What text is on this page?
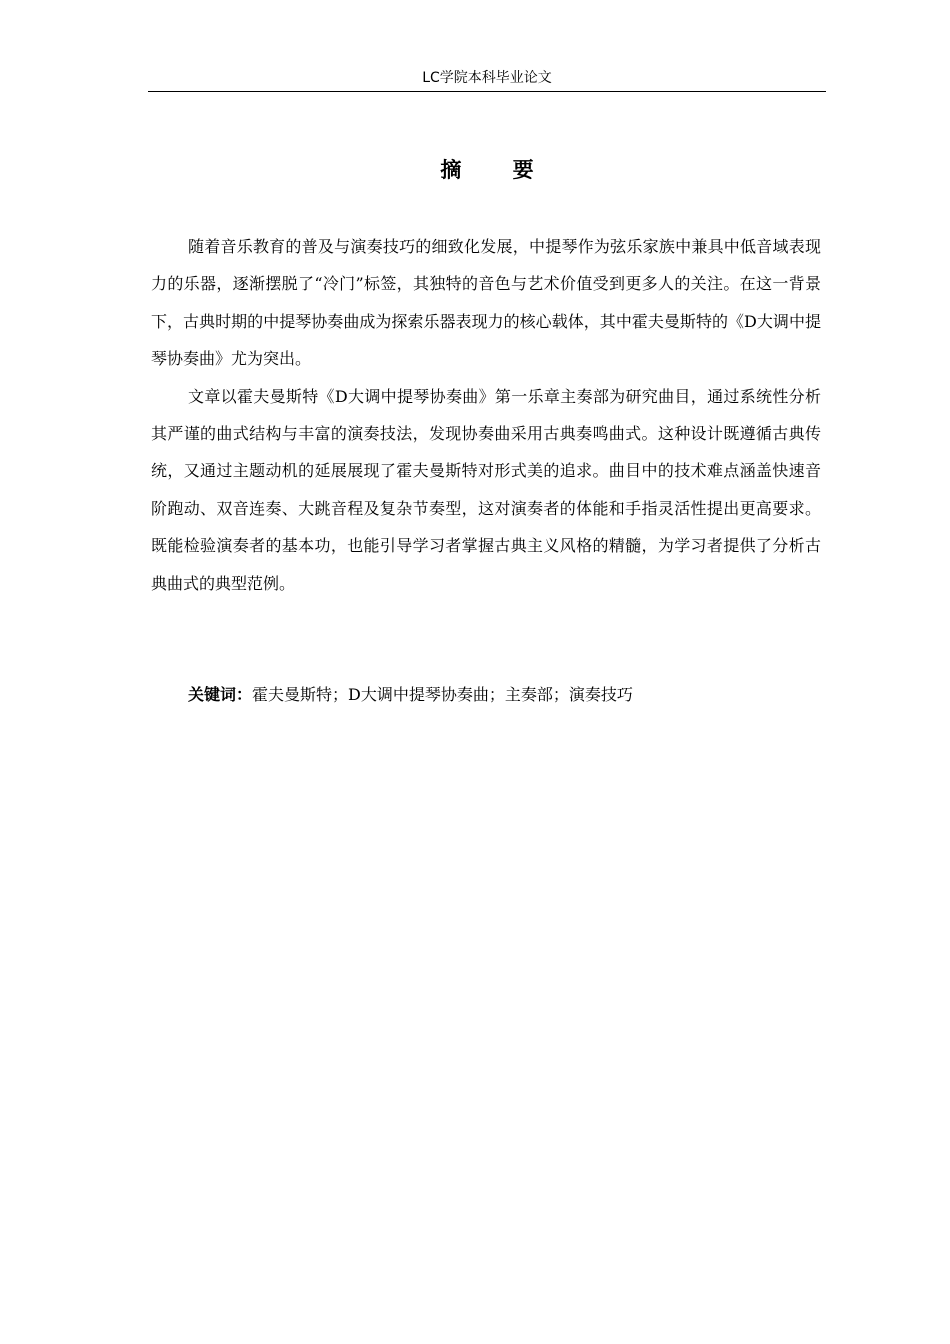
LC学院本科毕业论文
摘 要

随着音乐教育的普及与演奏技巧的细致化发展，中提琴作为弦乐家族中兼具中低音域表现力的乐器，逐渐摆脱了“冷门”标签，其独特的音色与艺术价值受到更多人的关注。在这一背景下，古典时期的中提琴协奏曲成为探索乐器表现力的核心载体，其中霍夫曼斯特的《D大调中提琴协奏曲》尤为突出。

文章以霍夫曼斯特《D大调中提琴协奏曲》第一乐章主奏部为研究曲目，通过系统性分析其严谨的曲式结构与丰富的演奏技法，发现协奏曲采用古典奏鸣曲式。这种设计既遵循古典传统，又通过主题动机的延展展现了霍夫曼斯特对形式美的追求。曲目中的技术难点涵盖快速音阶跑动、双音连奏、大跳音程及复杂节奏型，这对演奏者的体能和手指灵活性提出更高要求。既能检验演奏者的基本功，也能引导学习者掌握古典主义风格的精髓，为学习者提供了分析古典曲式的典型范例。

关键词：霍夫曼斯特；D大调中提琴协奏曲；主奏部；演奏技巧
